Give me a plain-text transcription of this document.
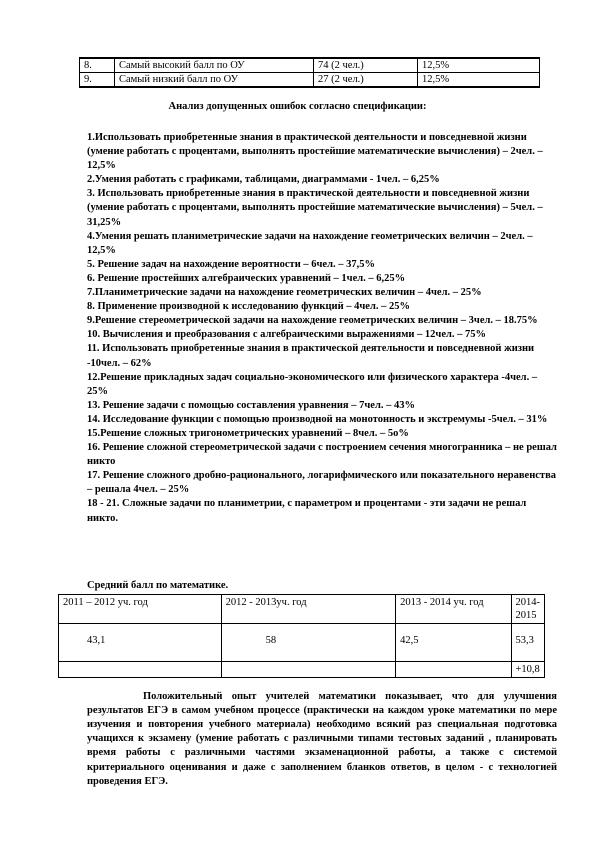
8.	Самый высокий балл по ОУ	74 (2 чел.)	12,5%
9.	Самый низкий балл по ОУ	27 (2 чел.)	12,5%
Анализ допущенных ошибок согласно спецификации:

1.Использовать приобретенные знания в практической деятельности и повседневной жизни (умение работать с процентами, выполнять простейшие математические вычисления) – 2чел. – 12,5%

2.Умения работать с графиками, таблицами, диаграммами - 1чел. – 6,25%

3. Использовать приобретенные знания в практической деятельности и повседневной жизни (умение работать с процентами, выполнять простейшие математические вычисления) – 5чел. – 31,25%

4.Умения решать планиметрические задачи на нахождение геометрических величин – 2чел. – 12,5%

5. Решение задач на нахождение вероятности – 6чел. – 37,5%

6. Решение простейших алгебраических уравнений – 1чел. – 6,25%

7.Планиметрические задачи на нахождение геометрических величин – 4чел. – 25%

8. Применение производной к исследованию функций – 4чел. – 25%

9.Решение стереометрической задачи на нахождение геометрических величин – 3чел. – 18.75%

10. Вычисления и преобразования с алгебраическими выражениями – 12чел. – 75%

11. Использовать приобретенные знания в практической деятельности и повседневной жизни -10чел. – 62%

12.Решение прикладных задач социально-экономического или физического характера -4чел. – 25%

13. Решение задачи с помощью составления уравнения – 7чел. – 43%

14. Исследование функции с помощью производной на монотонность и экстремумы -5чел. – 31%

15.Решение сложных тригонометрических уравнений – 8чел. – 5о%

16. Решение сложной стереометрической задачи с построением сечения многогранника – не решал никто

17. Решение сложного дробно-рационального, логарифмического или показательного неравенства – решала 4чел. – 25%

18 - 21. Сложные задачи по планиметрии, с параметром и процентами - эти задачи не решал никто.

Средний балл по математике.
2011 – 2012 уч. год	2012 - 2013уч. год	2013 - 2014 уч. год	2014-2015
43,1	58	42,5	53,3
			+10,8

Положительный опыт учителей математики показывает, что для улучшения результатов ЕГЭ в самом учебном процессе (практически на каждом уроке математики по мере изучения и повторения учебного материала) необходимо всякий раз специальная подготовка учащихся к экзамену (умение работать с различными типами тестовых заданий , планировать время работы с различными частями экзаменационной работы, а также с системой критериального оценивания и даже с заполнением бланков ответов, в целом - с технологией проведения ЕГЭ.
